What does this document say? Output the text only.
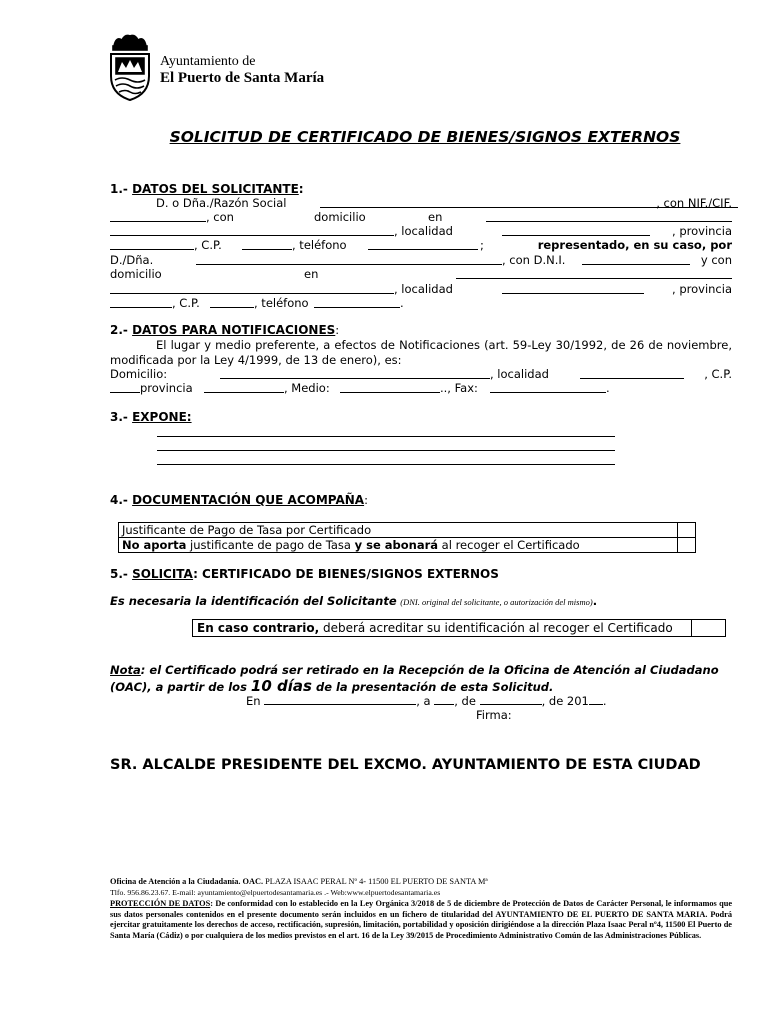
Ayuntamiento de
El Puerto de Santa María
SOLICITUD DE CERTIFICADO DE BIENES/SIGNOS EXTERNOS
1.- DATOS DEL SOLICITANTE:
D. o Dña./Razón Social	, con NIF./CIF.
, con	domicilio	en
, localidad	, provincia
, C.P.	, teléfono	;	representado, en su caso, por
D./Dña.	, con D.N.I.	y con
domicilio	en
, localidad	, provincia
, C.P.	, teléfono	.
2.- DATOS PARA NOTIFICACIONES:
El lugar y medio preferente, a efectos de Notificaciones (art. 59-Ley 30/1992, de 26 de noviembre, modificada por la Ley 4/1999, de 13 de enero), es:
Domicilio:	, localidad	, C.P.
provincia	, Medio:	.., Fax:	.
3.- EXPONE:
4.- DOCUMENTACIÓN QUE ACOMPAÑA:
Justificante de Pago de Tasa por Certificado	
No aporta justificante de pago de Tasa y se abonará al recoger el Certificado	
5.- SOLICITA: CERTIFICADO DE BIENES/SIGNOS EXTERNOS
Es necesaria la identificación del Solicitante (DNI. original del solicitante, o autorización del mismo).
En caso contrario, deberá acreditar su identificación al recoger el Certificado	
Nota: el Certificado podrá ser retirado en la Recepción de la Oficina de Atención al Ciudadano (OAC), a partir de los 10 días de la presentación de esta Solicitud.
En	, a , de	, de 201 .
Firma:
SR. ALCALDE PRESIDENTE DEL EXCMO. AYUNTAMIENTO DE ESTA CIUDAD
Oficina de Atención a la Ciudadanía. OAC. PLAZA ISAAC PERAL Nº 4- 11500 EL PUERTO DE SANTA Mª
Tlfo. 956.86.23.67. E-mail: ayuntamiento@elpuertodesantamaria.es .- Web:www.elpuertodesantamaria.es
PROTECCIÓN DE DATOS: De conformidad con lo establecido en la Ley Orgánica 3/2018 de 5 de diciembre de Protección de Datos de Carácter Personal, le informamos que sus datos personales contenidos en el presente documento serán incluidos en un fichero de titularidad del AYUNTAMIENTO DE EL PUERTO DE SANTA MARIA. Podrá ejercitar gratuitamente los derechos de acceso, rectificación, supresión, limitación, portabilidad y oposición dirigiéndose a la dirección Plaza Isaac Peral nº4, 11500 El Puerto de Santa María (Cádiz) o por cualquiera de los medios previstos en el art. 16 de la Ley 39/2015 de Procedimiento Administrativo Común de las Administraciones Públicas.
